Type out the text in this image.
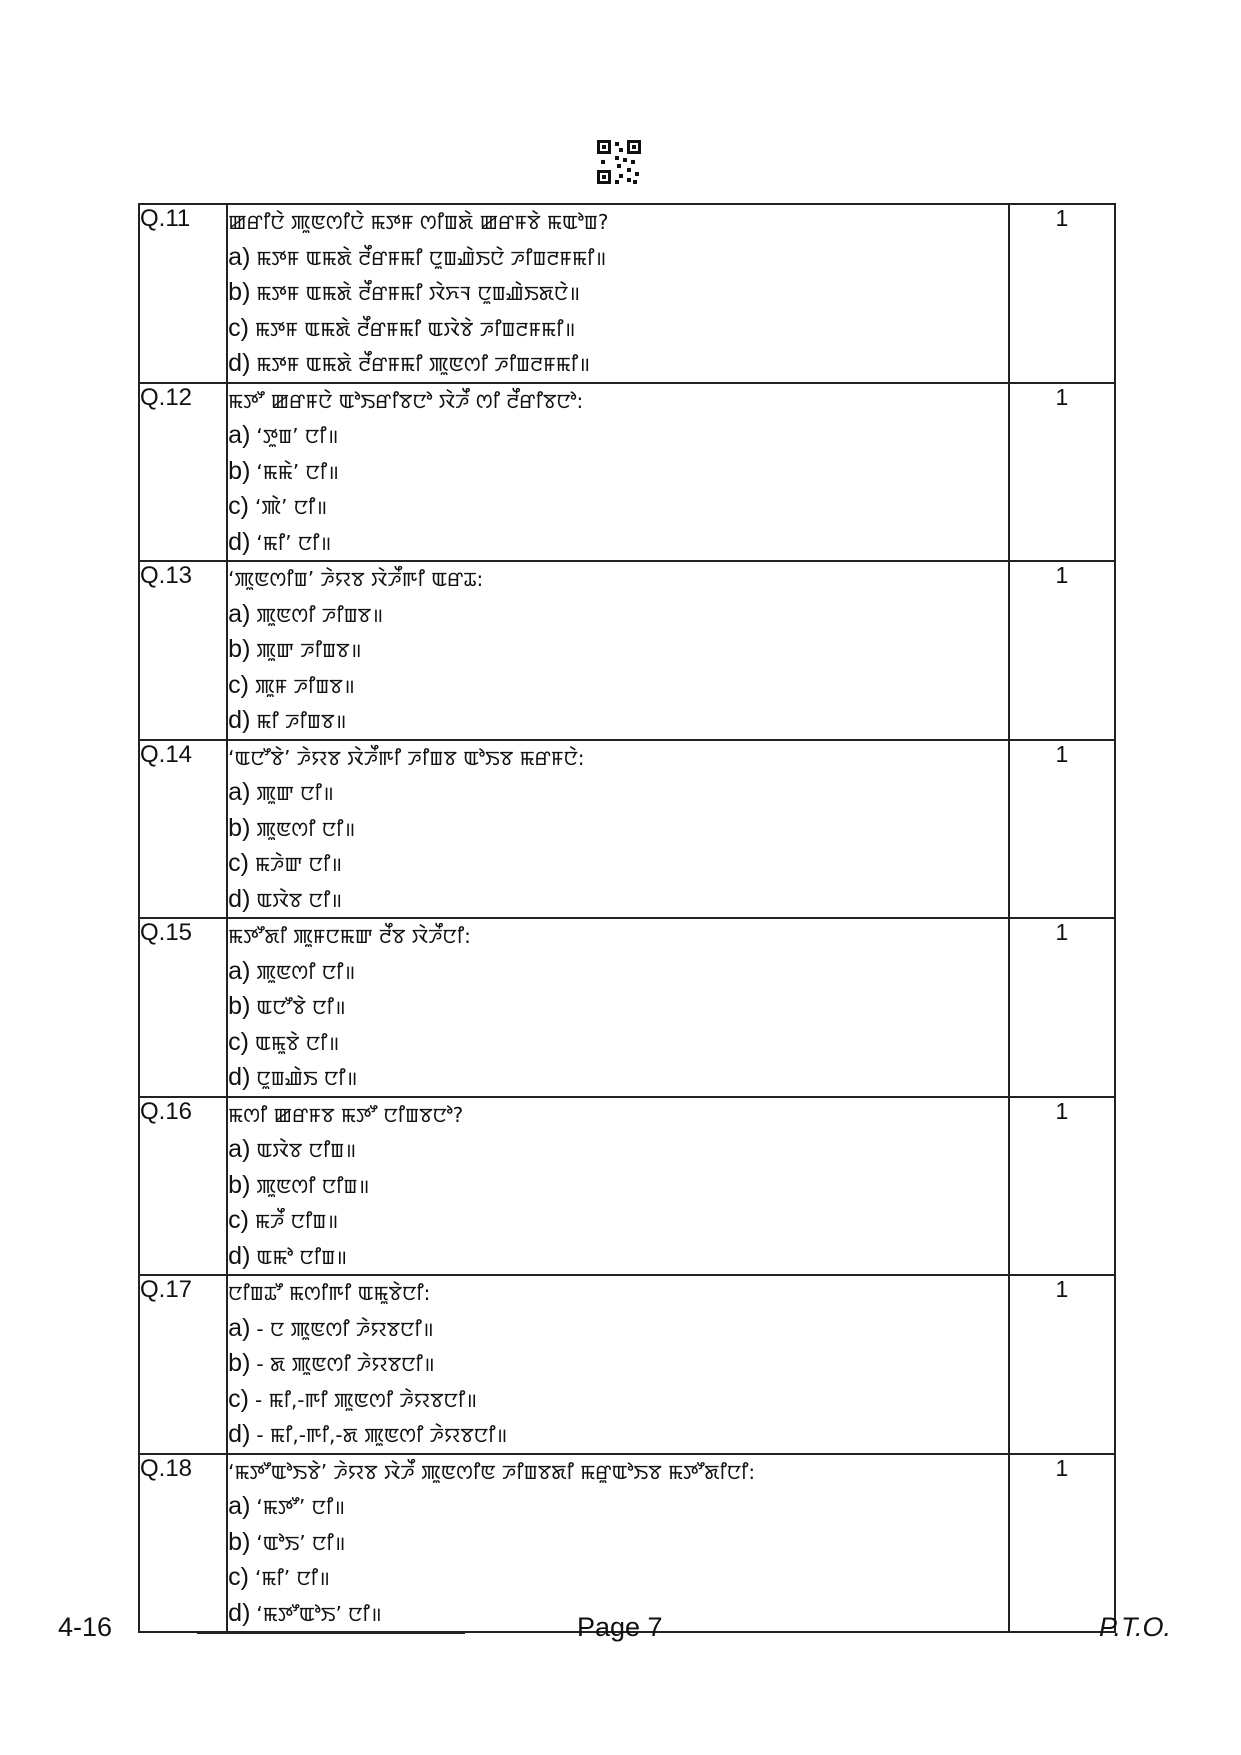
Q.11	ꯀꯔꯤꯅꯥ ꯄꯨꯟꯁꯤꯅꯥ ꯃꯇꯝ ꯁꯤꯡꯗꯥ ꯀꯔꯝꯕꯥ ꯃꯑꯣꯡ?
a) ꯃꯇꯝ ꯑꯃꯗꯥ ꯂꯩꯔꯝꯃꯤ ꯅꯨꯡꯉꯥꯏꯅꯥ ꯍꯤꯡꯂꯝꯃꯤ॥
b) ꯃꯇꯝ ꯑꯃꯗꯥ ꯂꯩꯔꯝꯃꯤ ꯋꯥꯈꯜ ꯅꯨꯡꯉꯥꯏꯗꯅꯥ॥
c) ꯃꯇꯝ ꯑꯃꯗꯥ ꯂꯩꯔꯝꯃꯤ ꯑꯋꯥꯕꯥ ꯍꯤꯡꯂꯝꯃꯤ॥
d) ꯃꯇꯝ ꯑꯃꯗꯥ ꯂꯩꯔꯝꯃꯤ ꯄꯨꯟꯁꯤ ꯍꯤꯡꯂꯝꯃꯤ॥	1
Q.12	ꯃꯇꯧ ꯀꯔꯝꯅꯥ ꯑꯣꯏꯔꯤꯕꯅꯣ ꯋꯥꯍꯩ ꯁꯤ ꯂꯩꯔꯤꯕꯅꯣ:
a) ‘ꯇꯨꯡ’ ꯅꯤ॥
b) ‘ꯃꯃꯥ’ ꯅꯤ॥
c) ‘ꯄꯥ’ ꯅꯤ॥
d) ‘ꯃꯤ’ ꯅꯤ॥	1
Q.13	‘ꯄꯨꯟꯁꯤꯡ’ ꯍꯥꯌꯕ ꯋꯥꯍꯩꯒꯤ ꯑꯔꯊ:
a) ꯄꯨꯟꯁꯤ ꯍꯤꯡꯕ॥
b) ꯄꯨꯛ ꯍꯤꯡꯕ॥
c) ꯄꯨꯝ ꯍꯤꯡꯕ॥
d) ꯃꯤ ꯍꯤꯡꯕ॥	1
Q.14	‘ꯑꯅꯧꯕꯥ’ ꯍꯥꯌꯕ ꯋꯥꯍꯩꯒꯤ ꯍꯤꯡꯕ ꯑꯣꯏꯕ ꯃꯔꯝꯅꯥ:
a) ꯄꯨꯛ ꯅꯤ॥
b) ꯄꯨꯟꯁꯤ ꯅꯤ॥
c) ꯃꯍꯥꯛ ꯅꯤ॥
d) ꯑꯋꯥꯕ ꯅꯤ॥	1
Q.15	ꯃꯇꯧꯗꯤ ꯄꯨꯝꯅꯃꯛ ꯂꯩꯕ ꯋꯥꯍꯩꯅꯤ:
a) ꯄꯨꯟꯁꯤ ꯅꯤ॥
b) ꯑꯅꯧꯕꯥ ꯅꯤ॥
c) ꯑꯃꯨꯕꯥ ꯅꯤ॥
d) ꯅꯨꯡꯉꯥꯏ ꯅꯤ॥	1
Q.16	ꯃꯁꯤ ꯀꯔꯝꯕ ꯃꯇꯧ ꯅꯤꯡꯕꯅꯣ?
a) ꯑꯋꯥꯕ ꯅꯤꯡ॥
b) ꯄꯨꯟꯁꯤ ꯅꯤꯡ॥
c) ꯃꯍꯩ ꯅꯤꯡ॥
d) ꯑꯃꯣ ꯅꯤꯡ॥	1
Q.17	ꯅꯤꯡꯊꯧ ꯃꯁꯤꯒꯤ ꯑꯃꯨꯕꯥꯅꯤ:
a) - ꯅ ꯄꯨꯟꯁꯤ ꯍꯥꯌꯕꯅꯤ॥
b) - ꯗ ꯄꯨꯟꯁꯤ ꯍꯥꯌꯕꯅꯤ॥
c) - ꯃꯤ,-ꯒꯤ ꯄꯨꯟꯁꯤ ꯍꯥꯌꯕꯅꯤ॥
d) - ꯃꯤ,-ꯒꯤ,-ꯗ ꯄꯨꯟꯁꯤ ꯍꯥꯌꯕꯅꯤ॥	1
Q.18	‘ꯃꯇꯧꯑꯣꯏꯕꯥ’ ꯍꯥꯌꯕ ꯋꯥꯍꯩ ꯄꯨꯟꯁꯤꯟ ꯍꯤꯡꯕꯗꯤ ꯃꯔꯨꯑꯣꯏꯕ ꯃꯇꯧꯗꯤꯅꯤ:
a) ‘ꯃꯇꯧ’ ꯅꯤ॥
b) ‘ꯑꯣꯏ’ ꯅꯤ॥
c) ‘ꯃꯤ’ ꯅꯤ॥
d) ‘ꯃꯇꯧꯑꯣꯏ’ ꯅꯤ॥	1
4-16	Page 7	P.T.O.
